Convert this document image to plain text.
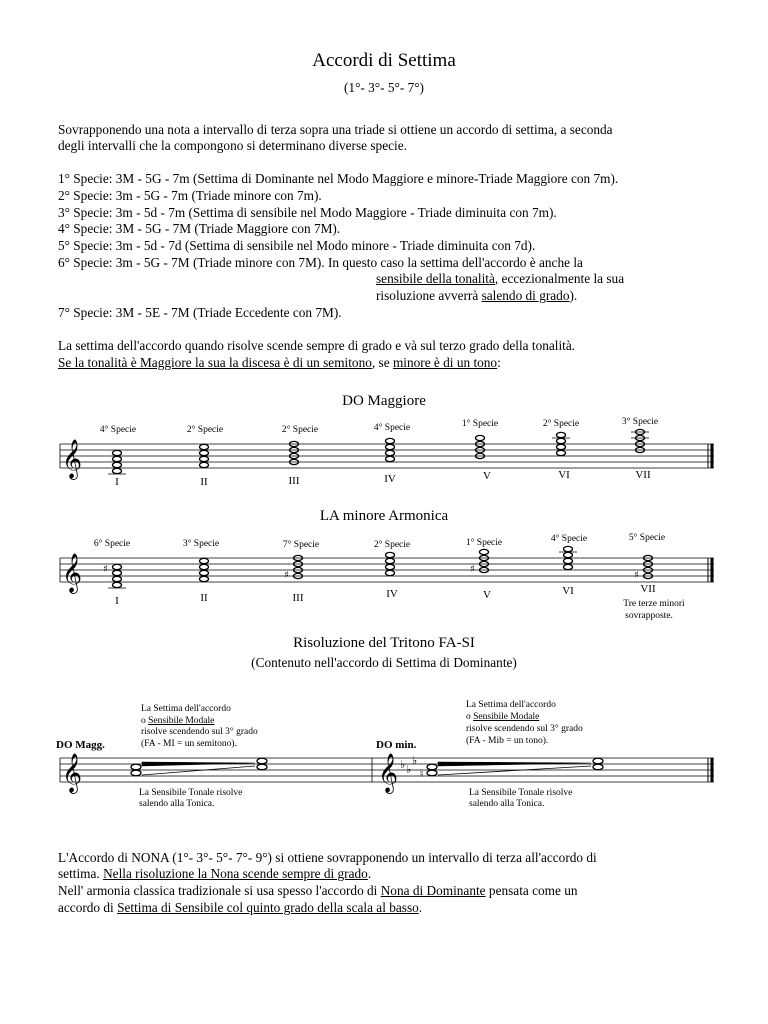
Accordi di Settima
(1°- 3°- 5°- 7°)
Sovrapponendo una nota a intervallo di terza sopra una triade si ottiene un accordo di settima, a seconda
degli intervalli che la compongono si determinano diverse specie.
1° Specie: 3M - 5G - 7m (Settima di Dominante nel Modo Maggiore e minore-Triade Maggiore con 7m).
2° Specie: 3m - 5G - 7m (Triade minore con 7m).
3° Specie: 3m - 5d - 7m (Settima di sensibile nel Modo Maggiore - Triade diminuita con 7m).
4° Specie: 3M - 5G - 7M (Triade Maggiore con 7M).
5° Specie: 3m - 5d - 7d (Settima di sensibile nel Modo minore - Triade diminuita con 7d).
6° Specie: 3m - 5G - 7M (Triade minore con 7M). In questo caso la settima dell'accordo è anche la
sensibile della tonalità, eccezionalmente la sua
risoluzione avverrà salendo di grado).
7° Specie: 3M - 5E - 7M (Triade Eccedente con 7M).
La settima dell'accordo quando risolve scende sempre di grado e và sul terzo grado della tonalità.
Se la tonalità è Maggiore la sua la discesa è di un semitono, se minore è di un tono:
DO Maggiore
4° Specie	2° Specie	2° Specie	4° Specie	1° Specie	2° Specie	3° Specie
I	II	III	IV	V	VI	VII
LA minore Armonica
6° Specie	3° Specie	7° Specie	2° Specie	1° Specie	4° Specie	5° Specie
I	II	III	IV	V	VI	VII
Tre terze minori
sovrapposte.
Risoluzione del Tritono FA-SI
(Contenuto nell'accordo di Settima di Dominante)
La Settima dell'accordo
o Sensibile Modale
risolve scendendo sul 3° grado
(FA - MI = un semitono).
DO Magg.
La Sensibile Tonale risolve
salendo alla Tonica.
La Settima dell'accordo
o Sensibile Modale
risolve scendendo sul 3° grado
(FA - Mib = un tono).
DO min.
La Sensibile Tonale risolve
salendo alla Tonica.
L'Accordo di NONA (1°- 3°- 5°- 7°- 9°) si ottiene sovrapponendo un intervallo di terza all'accordo di
settima. Nella risoluzione la Nona scende sempre di grado.
Nell' armonia classica tradizionale si usa spesso l'accordo di Nona di Dominante pensata come un
accordo di Settima di Sensibile col quinto grado della scala al basso.
𝄞
𝄞 ♯
♯
♯
♯
𝄞	𝄞 ♭ ♭
♭
♮
